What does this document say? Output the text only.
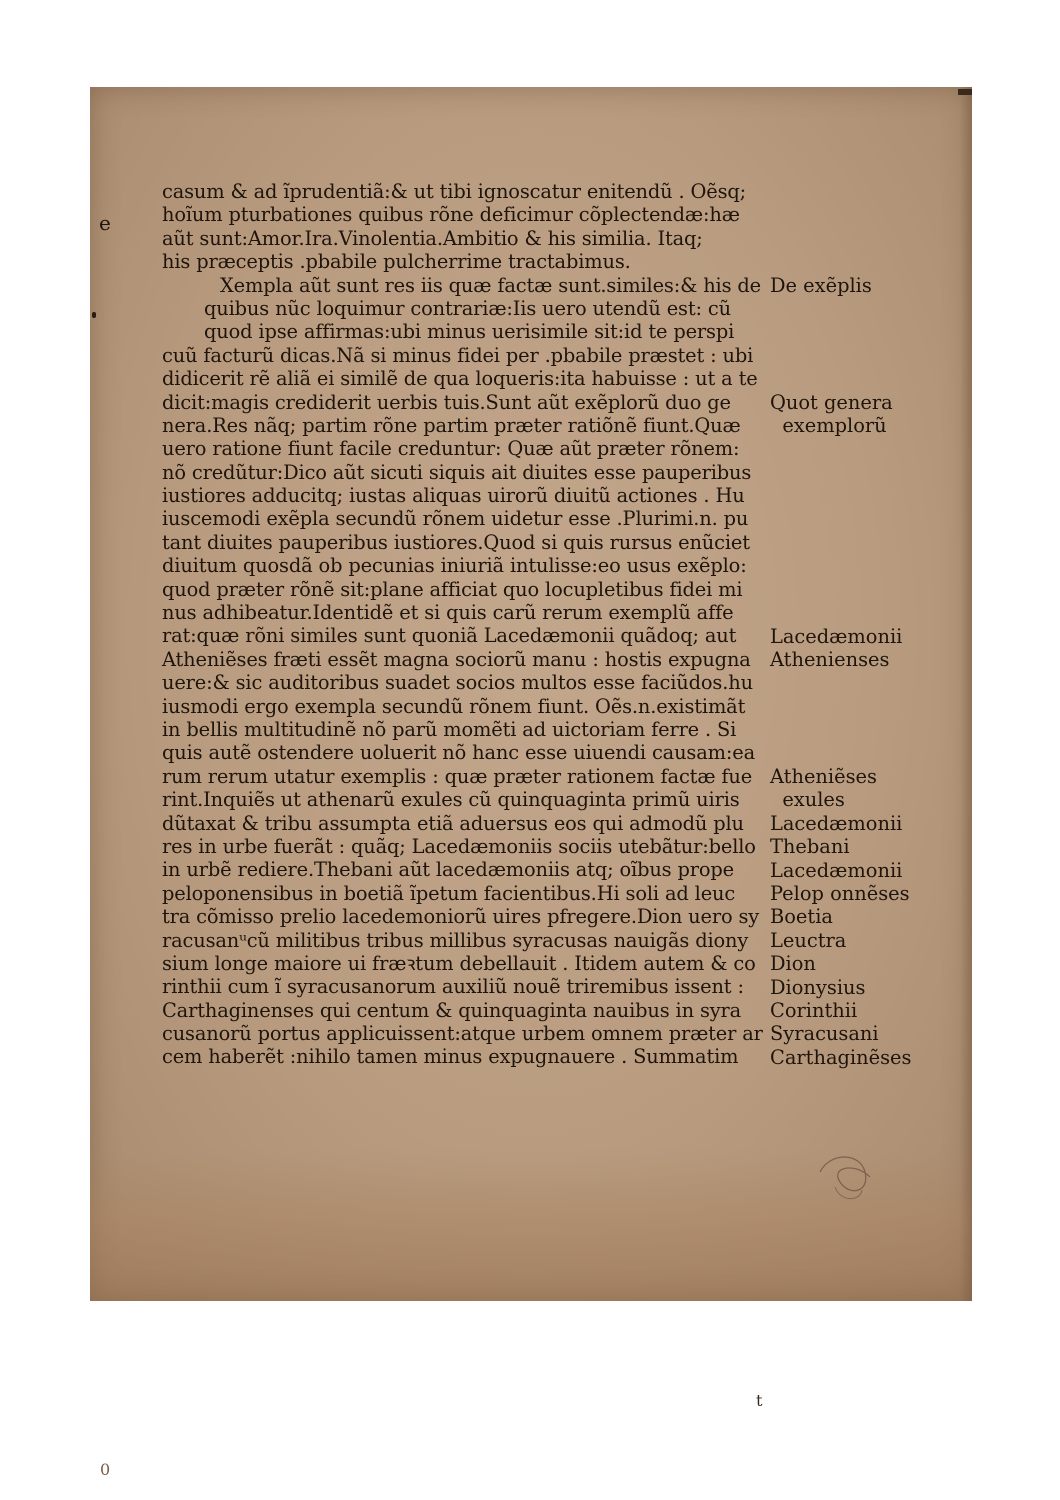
casum & ad ĩprudentiã:& ut tibi ignoscatur enitendũ . Oẽsq;
hoĩum pturbationes quibus rõne deficimur cõplectendæ:hæ
aũt sunt:Amor.Ira.Vinolentia.Ambitio & his similia. Itaq;
his præceptis .pbabile pulcherrime tractabimus.
Xempla aũt sunt res iis quæ factæ sunt.similes:& his de
quibus nũc loquimur contrariæ:Iis uero utendũ est: cũ
quod ipse affirmas:ubi minus uerisimile sit:id te perspi
cuũ facturũ dicas.Nã si minus fidei per .pbabile præstet : ubi
didicerit rẽ aliã ei similẽ de qua loqueris:ita habuisse : ut a te
dicit:magis crediderit uerbis tuis.Sunt aũt exẽplorũ duo ge
nera.Res nãq; partim rõne partim præter ratiõnẽ fiunt.Quæ
uero ratione fiunt facile creduntur: Quæ aũt præter rõnem:
nõ credũtur:Dico aũt sicuti siquis ait diuites esse pauperibus
iustiores adducitq; iustas aliquas uirorũ diuitũ actiones . Hu
iuscemodi exẽpla secundũ rõnem uidetur esse .Plurimi.n. pu
tant diuites pauperibus iustiores.Quod si quis rursus enũciet
diuitum quosdã ob pecunias iniuriã intulisse:eo usus exẽplo:
quod præter rõnẽ sit:plane afficiat quo locupletibus fidei mi
nus adhibeatur.Identidẽ et si quis carũ rerum exemplũ affe
rat:quæ rõni similes sunt quoniã Lacedæmonii quãdoq; aut
Atheniẽses fræti essẽt magna sociorũ manu : hostis expugna
uere:& sic auditoribus suadet socios multos esse faciũdos.hu
iusmodi ergo exempla secundũ rõnem fiunt. Oẽs.n.existimãt
in bellis multitudinẽ nõ parũ momẽti ad uictoriam ferre . Si
quis autẽ ostendere uoluerit nõ hanc esse uiuendi causam:ea
rum rerum utatur exemplis : quæ præter rationem factæ fue
rint.Inquiẽs ut athenarũ exules cũ quinquaginta primũ uiris
dũtaxat & tribu assumpta etiã aduersus eos qui admodũ plu
res in urbe fuerãt : quãq; Lacedæmoniis sociis utebãtur:bello
in urbẽ rediere.Thebani aũt lacedæmoniis atq; oĩbus prope
peloponensibus in boetiã ĩpetum facientibus.Hi soli ad leuc
tra cõmisso prelio lacedemoniorũ uires pfregere.Dion uero sy
racusanᵘcũ militibus tribus millibus syracusas nauigãs diony
sium longe maiore ui fræꝛtum debellauit . Itidem autem & co
rinthii cum ĩ syracusanorum auxiliũ nouẽ triremibus issent :
Carthaginenses qui centum & quinquaginta nauibus in syra
cusanorũ portus applicuissent:atque urbem omnem præter ar
cem haberẽt :nihilo tamen minus expugnauere . Summatim
De exẽplis
Quot genera
exemplorũ
Lacedæmonii
Athenienses
Atheniẽses
exules
Lacedæmonii
Thebani
Lacedæmonii
Pelop onnẽses
Boetia
Leuctra
Dion
Dionysius
Corinthii
Syracusani
Carthaginẽses
e
t
0
